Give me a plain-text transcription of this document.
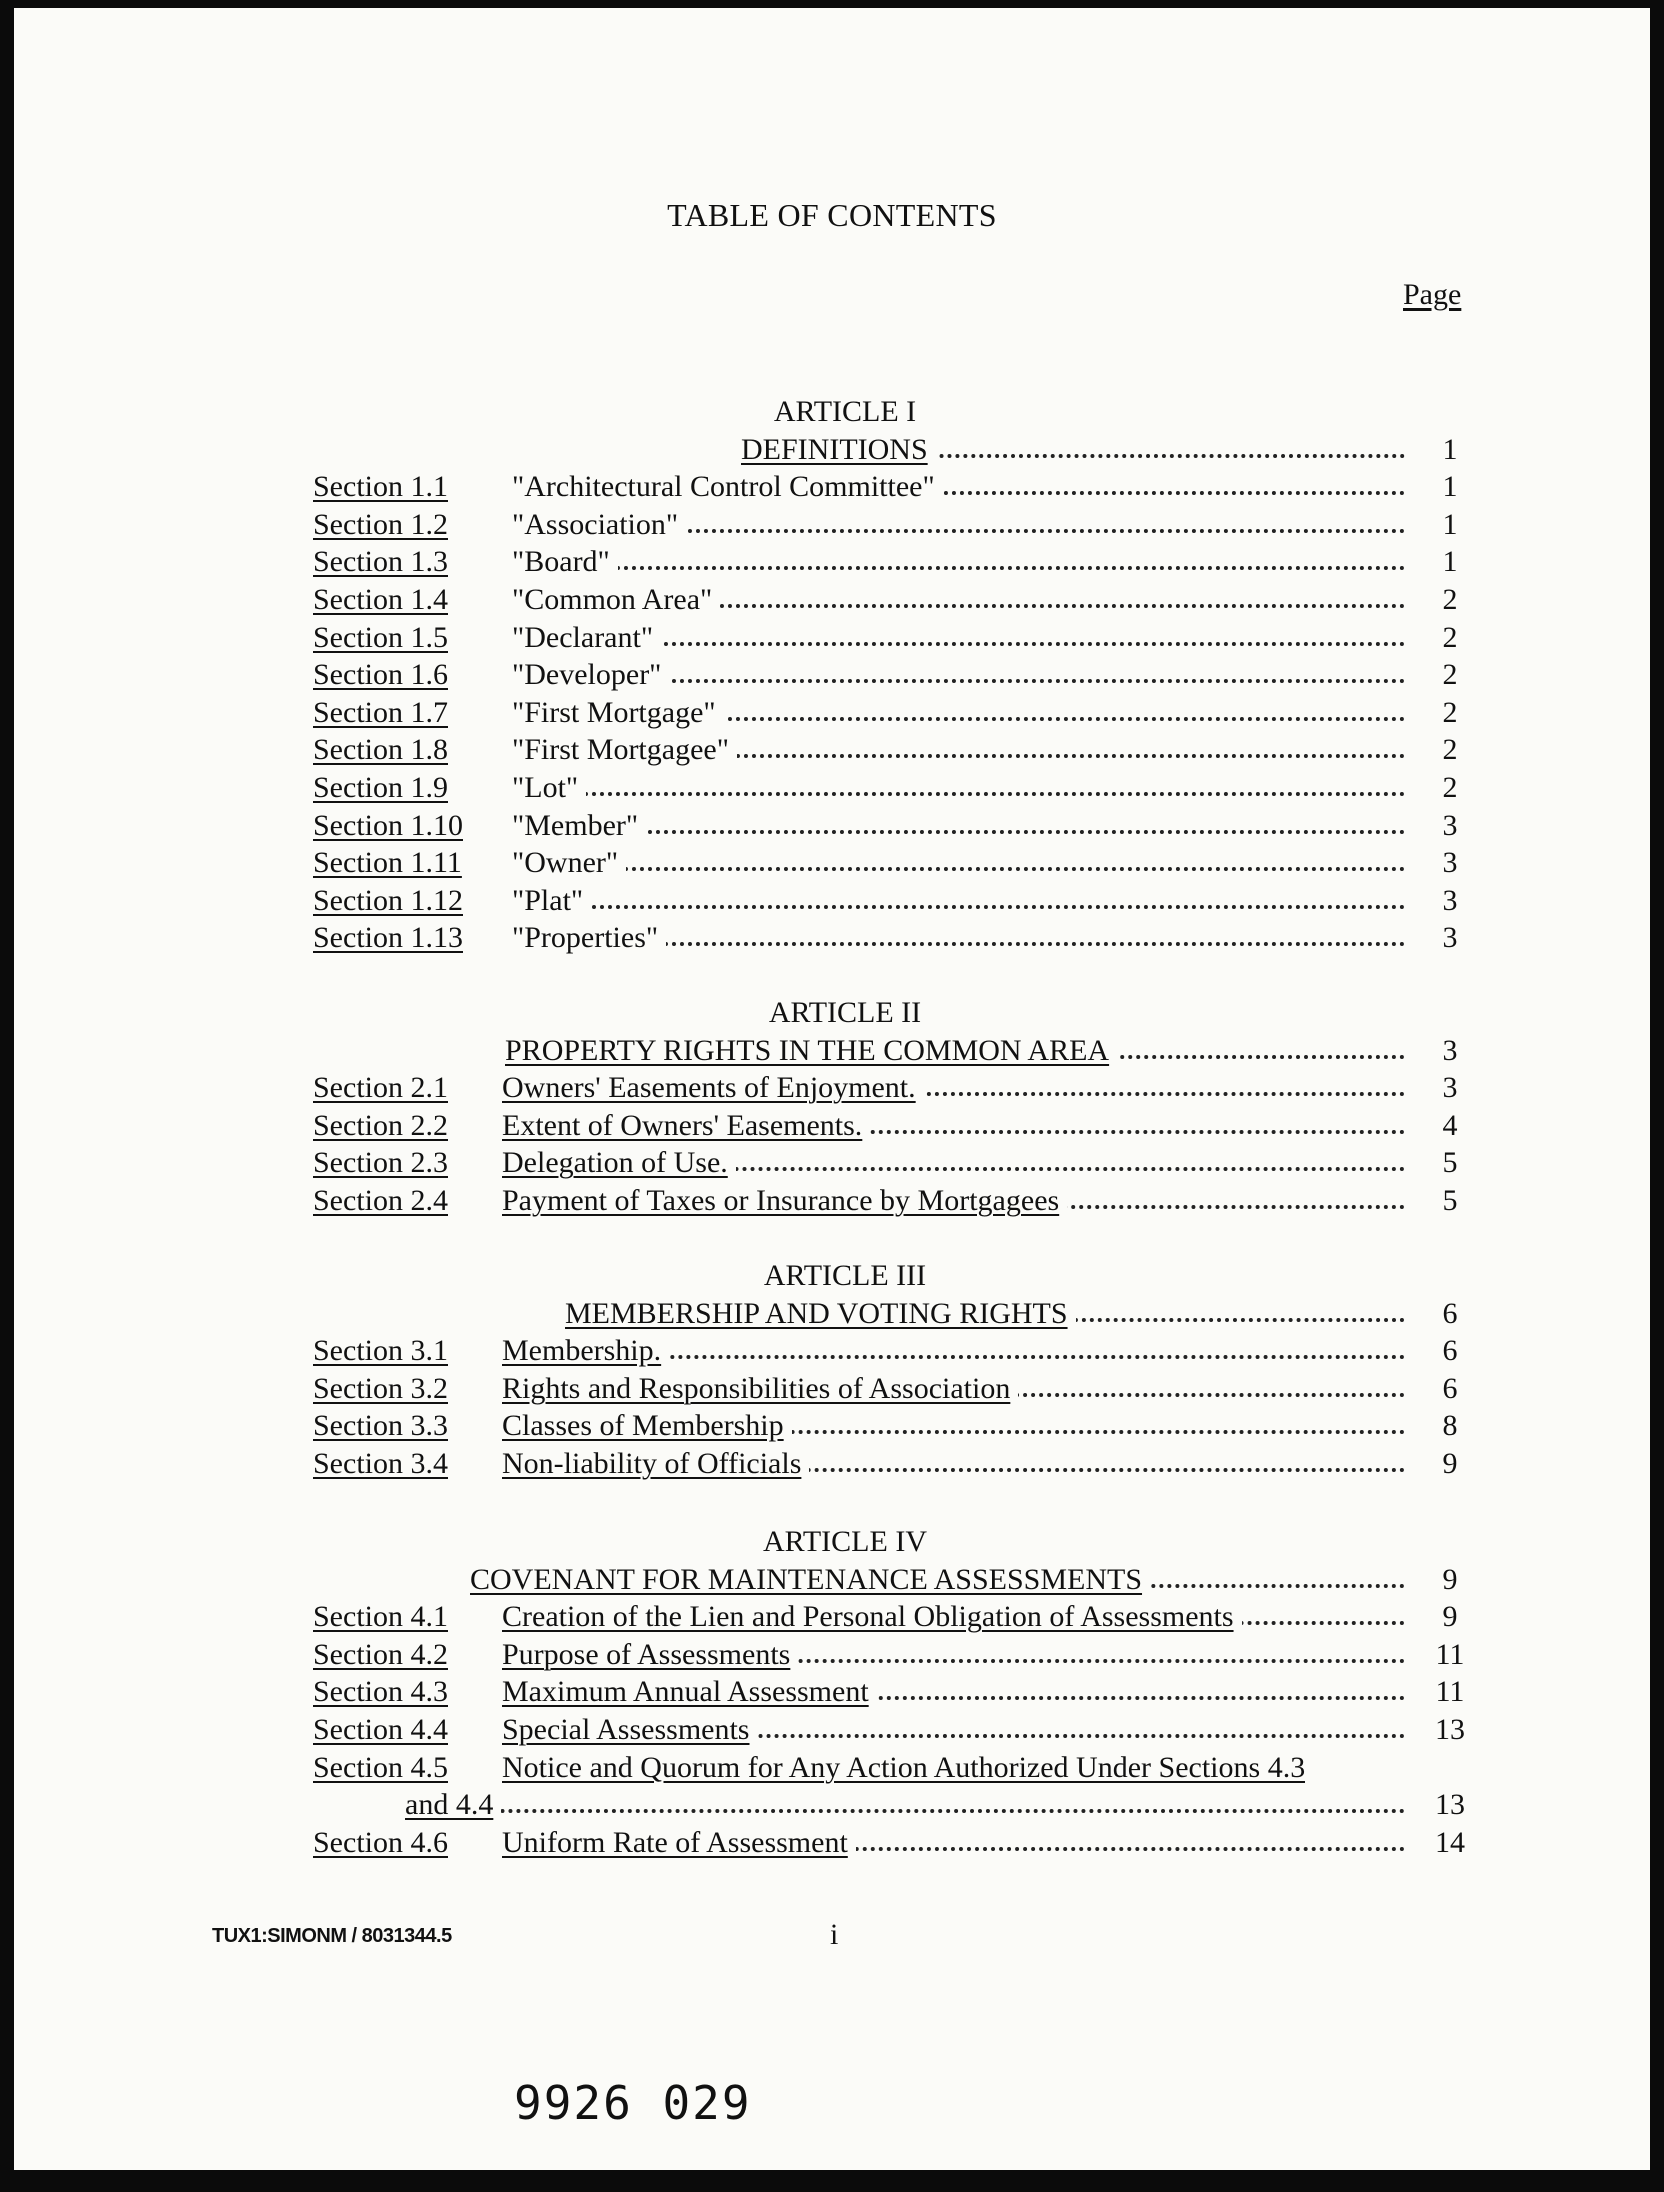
TABLE OF CONTENTS
Page
ARTICLE I
DEFINITIONS	1
Section 1.1 "Architectural Control Committee"	1
Section 1.2 "Association"	1
Section 1.3 "Board"	1
Section 1.4 "Common Area"	2
Section 1.5 "Declarant"	2
Section 1.6 "Developer"	2
Section 1.7 "First Mortgage"	2
Section 1.8 "First Mortgagee"	2
Section 1.9 "Lot"	2
Section 1.10 "Member"	3
Section 1.11 "Owner"	3
Section 1.12 "Plat"	3
Section 1.13 "Properties"	3
ARTICLE II
PROPERTY RIGHTS IN THE COMMON AREA	3
Section 2.1 Owners' Easements of Enjoyment.	3
Section 2.2 Extent of Owners' Easements.	4
Section 2.3 Delegation of Use.	5
Section 2.4 Payment of Taxes or Insurance by Mortgagees	5
ARTICLE III
MEMBERSHIP AND VOTING RIGHTS	6
Section 3.1 Membership.	6
Section 3.2 Rights and Responsibilities of Association	6
Section 3.3 Classes of Membership	8
Section 3.4 Non-liability of Officials	9
ARTICLE IV
COVENANT FOR MAINTENANCE ASSESSMENTS	9
Section 4.1 Creation of the Lien and Personal Obligation of Assessments	9
Section 4.2 Purpose of Assessments	11
Section 4.3 Maximum Annual Assessment	11
Section 4.4 Special Assessments	13
Section 4.5 Notice and Quorum for Any Action Authorized Under Sections 4.3
and 4.4	13
Section 4.6 Uniform Rate of Assessment	14
TUX1:SIMONM / 8031344.5	i
9926 029
